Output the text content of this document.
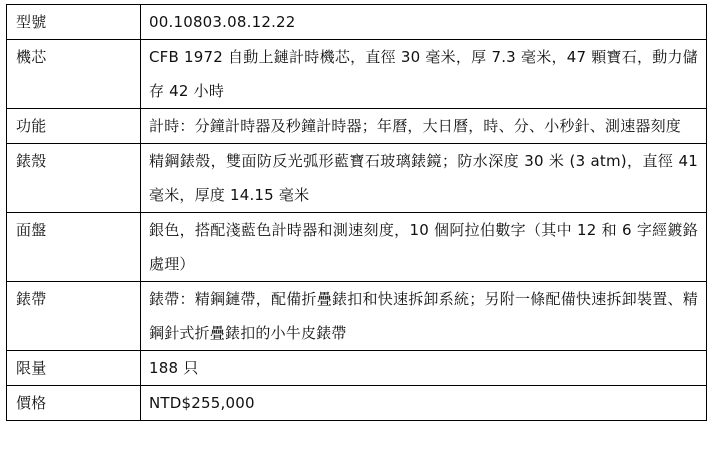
型號	00.10803.08.12.22
機芯	CFB 1972 自動上鏈計時機芯，直徑 30 毫米，厚 7.3 毫米，47 顆寶石，動力儲存 42 小時
功能	計時：分鐘計時器及秒鐘計時器；年曆，大日曆，時、分、小秒針、測速器刻度
錶殼	精鋼錶殼，雙面防反光弧形藍寶石玻璃錶鏡；防水深度 30 米 (3 atm)，直徑 41 毫米，厚度 14.15 毫米
面盤	銀色，搭配淺藍色計時器和測速刻度，10 個阿拉伯數字（其中 12 和 6 字經鍍鉻處理）
錶帶	錶帶：精鋼鏈帶，配備折疊錶扣和快速拆卸系統；另附一條配備快速拆卸裝置、精鋼針式折疊錶扣的小牛皮錶帶
限量	188 只
價格	NTD$255,000
